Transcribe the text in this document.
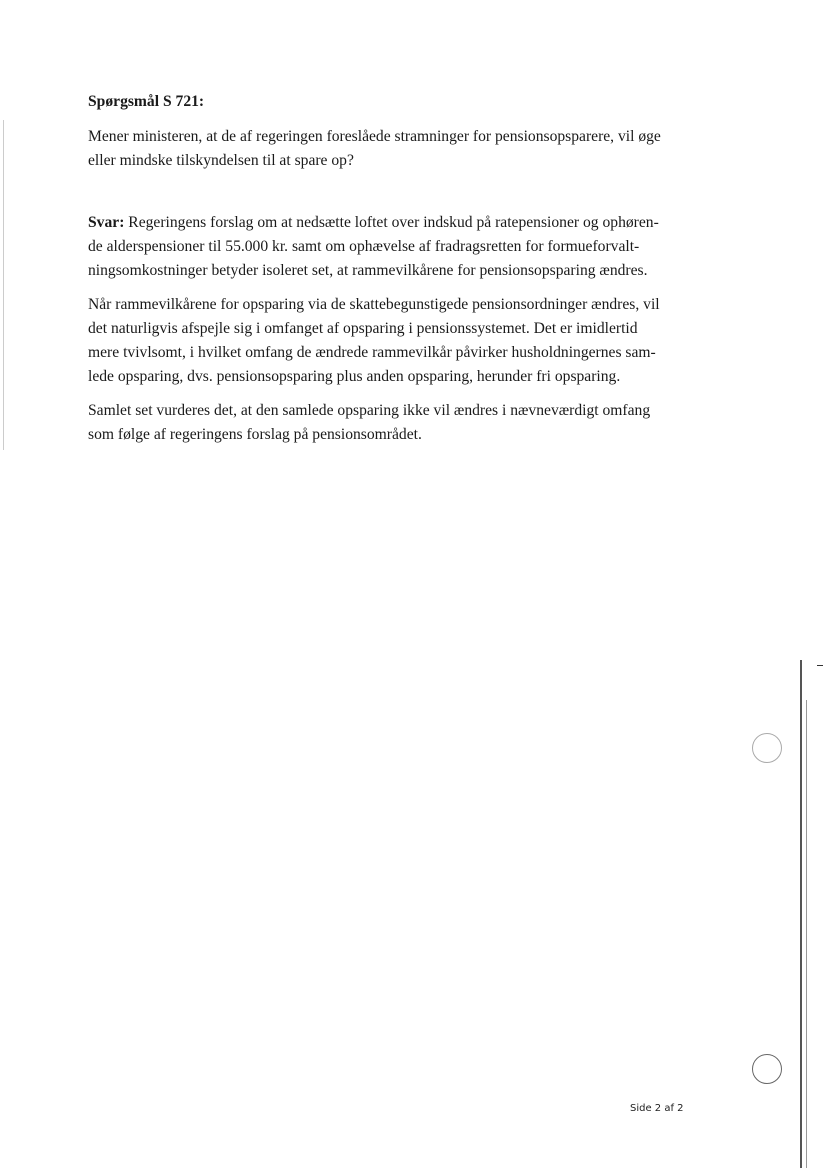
Spørgsmål S 721:

Mener ministeren, at de af regeringen foreslåede stramninger for pensionsopsparere, vil øge
eller mindske tilskyndelsen til at spare op?

Svar: Regeringens forslag om at nedsætte loftet over indskud på ratepensioner og ophøren-
de alderspensioner til 55.000 kr. samt om ophævelse af fradragsretten for formueforvalt-
ningsomkostninger betyder isoleret set, at rammevilkårene for pensionsopsparing ændres.

Når rammevilkårene for opsparing via de skattebegunstigede pensionsordninger ændres, vil
det naturligvis afspejle sig i omfanget af opsparing i pensionssystemet. Det er imidlertid
mere tvivlsomt, i hvilket omfang de ændrede rammevilkår påvirker husholdningernes sam-
lede opsparing, dvs. pensionsopsparing plus anden opsparing, herunder fri opsparing.

Samlet set vurderes det, at den samlede opsparing ikke vil ændres i nævneværdigt omfang
som følge af regeringens forslag på pensionsområdet.

Side 2 af 2
